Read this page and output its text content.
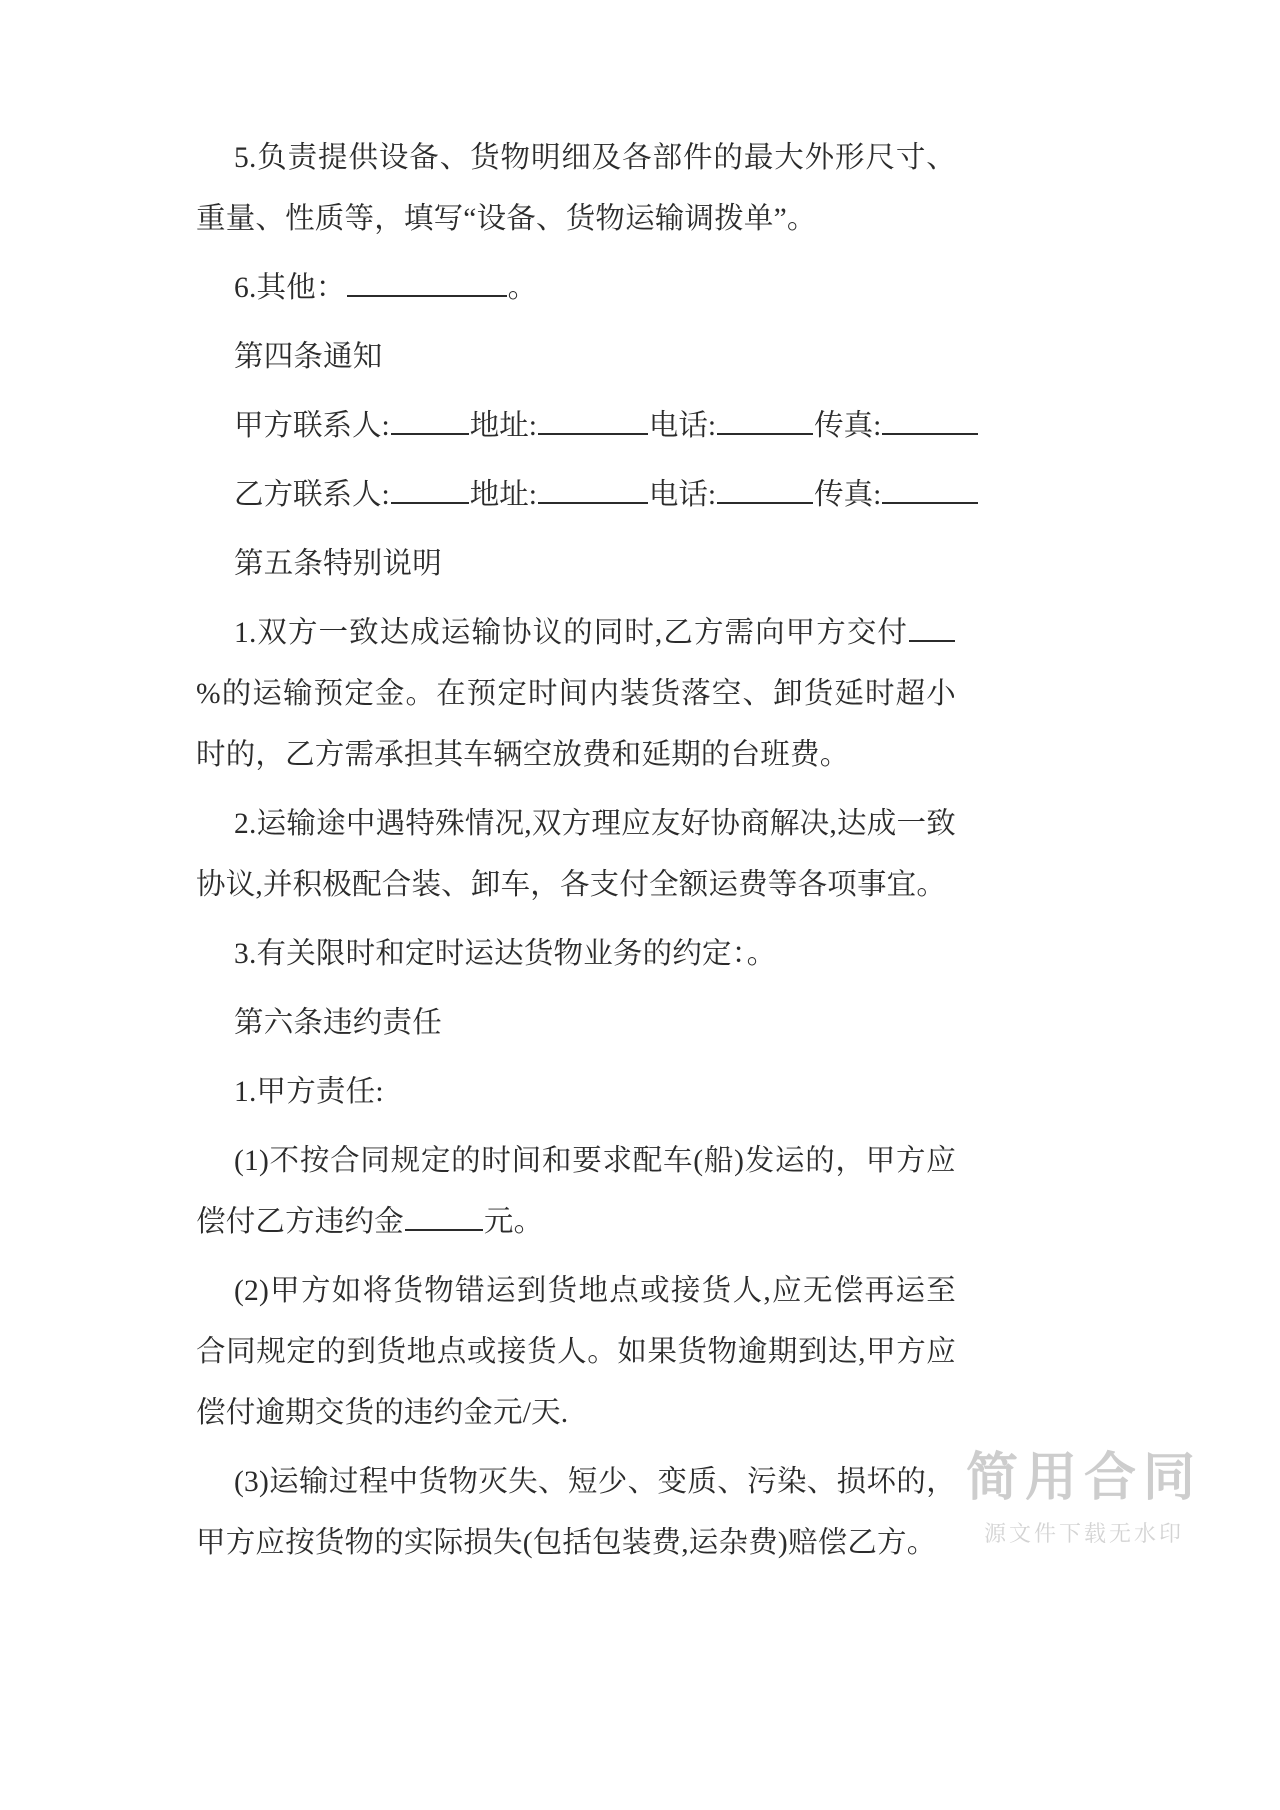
5.负责提供设备、货物明细及各部件的最大外形尺寸、重量、性质等，填写“设备、货物运输调拨单”。

6.其他：	。

第四条通知

甲方联系人:	地址:	电话:	传真:
乙方联系人:	地址:	电话:	传真:

第五条特别说明

1.双方一致达成运输协议的同时,乙方需向甲方交付%的运输预定金。在预定时间内装货落空、卸货延时超小时的，乙方需承担其车辆空放费和延期的台班费。

2.运输途中遇特殊情况,双方理应友好协商解决,达成一致协议,并积极配合装、卸车，各支付全额运费等各项事宜。

3.有关限时和定时运达货物业务的约定：。

第六条违约责任

1.甲方责任:

(1)不按合同规定的时间和要求配车(船)发运的，甲方应偿付乙方违约金	元。

(2)甲方如将货物错运到货地点或接货人,应无偿再运至合同规定的到货地点或接货人。如果货物逾期到达,甲方应偿付逾期交货的违约金元/天.

(3)运输过程中货物灭失、短少、变质、污染、损坏的，甲方应按货物的实际损失(包括包装费,运杂费)赔偿乙方。

简用合同
源文件下载无水印
